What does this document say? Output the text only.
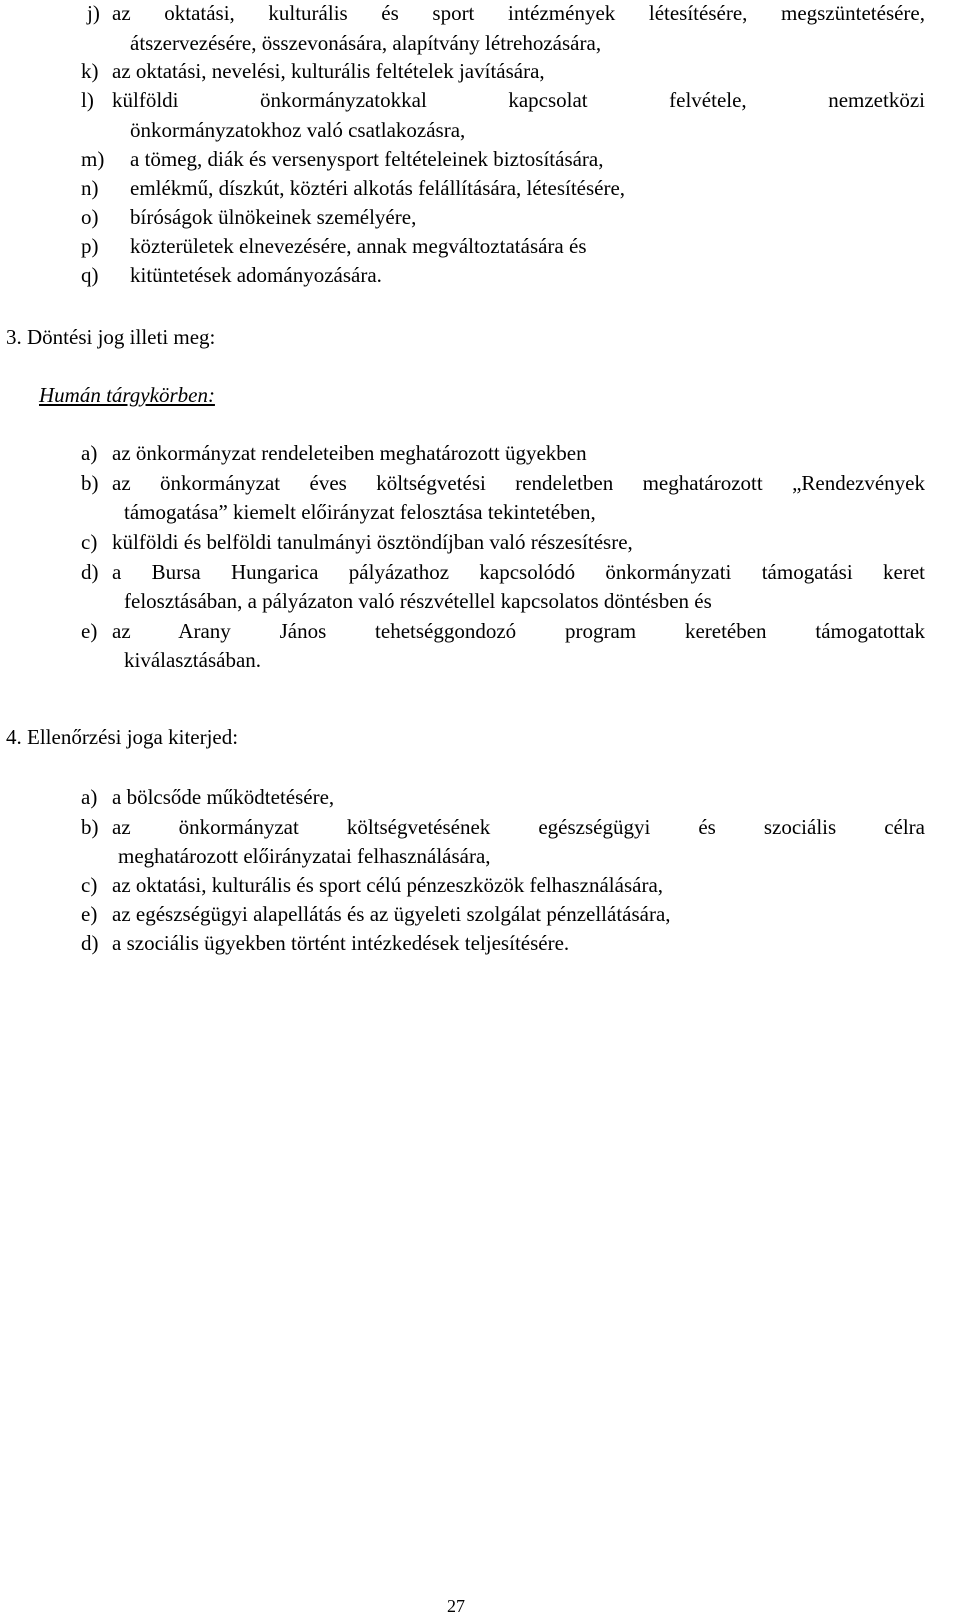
j) az oktatási, kulturális és sport intézmények létesítésére, megszüntetésére,
átszervezésére, összevonására, alapítvány létrehozására,
k) az oktatási, nevelési, kulturális feltételek javítására,
l) külföldi önkormányzatokkal kapcsolat felvétele, nemzetközi
önkormányzatokhoz való csatlakozásra,
m) a tömeg, diák és versenysport feltételeinek biztosítására,
n) emlékmű, díszkút, köztéri alkotás felállítására, létesítésére,
o) bíróságok ülnökeinek személyére,
p) közterületek elnevezésére, annak megváltoztatására és
q) kitüntetések adományozására.
3. Döntési jog illeti meg:
Humán tárgykörben:
a) az önkormányzat rendeleteiben meghatározott ügyekben
b) az önkormányzat éves költségvetési rendeletben meghatározott „Rendezvények
támogatása” kiemelt előirányzat felosztása tekintetében,
c) külföldi és belföldi tanulmányi ösztöndíjban való részesítésre,
d) a Bursa Hungarica pályázathoz kapcsolódó önkormányzati támogatási keret
felosztásában, a pályázaton való részvétellel kapcsolatos döntésben és
e) az Arany János tehetséggondozó program keretében támogatottak
kiválasztásában.
4. Ellenőrzési joga kiterjed:
a) a bölcsőde működtetésére,
b) az önkormányzat költségvetésének egészségügyi és szociális célra
meghatározott előirányzatai felhasználására,
c) az oktatási, kulturális és sport célú pénzeszközök felhasználására,
e) az egészségügyi alapellátás és az ügyeleti szolgálat pénzellátására,
d) a szociális ügyekben történt intézkedések teljesítésére.
27
